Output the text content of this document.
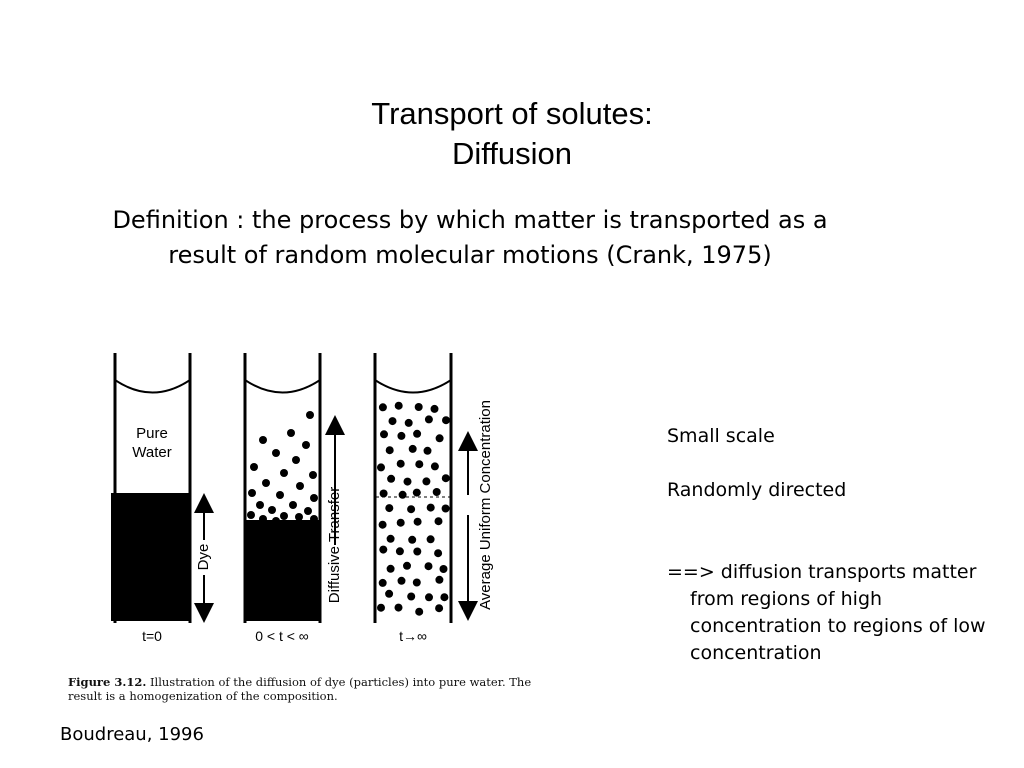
Transport of solutes:
Diffusion
Definition : the process by which matter is transported as a
result of random molecular motions (Crank, 1975)
Pure
Water
Dye
t=0
Diffusive Transfer
0 < t < ∞
Average Uniform Concentration
t→∞
Figure 3.12. Illustration of the diffusion of dye (particles) into pure water. The result is a homogenization of the composition.
Boudreau, 1996
Small scale
Randomly directed
==> diffusion transports matter from regions of high concentration to regions of low concentration
